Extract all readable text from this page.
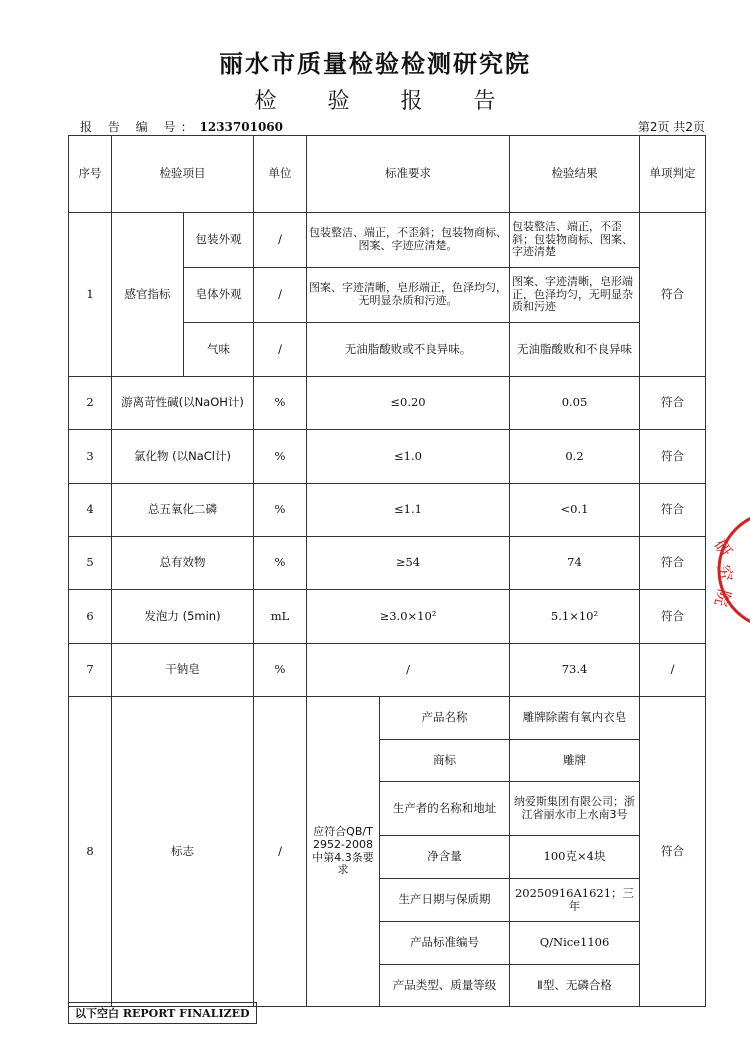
丽水市质量检验检测研究院
检 验 报 告
报 告 编 号: 1233701060	第2页 共2页
序号	检验项目		单位	标准要求		检验结果	单项判定
1	感官指标	包装外观	/	包装整洁、端正，不歪斜；包装物商标、图案、字迹应清楚。		包装整洁、端正，不歪斜；包装物商标、图案、字迹清楚	符合
		皂体外观	/	图案、字迹清晰，皂形端正，色泽均匀，无明显杂质和污迹。		图案、字迹清晰，皂形端正，色泽均匀，无明显杂质和污迹	
		气味	/	无油脂酸败或不良异味。		无油脂酸败和不良异味	
2	游离苛性碱(以NaOH计)		%	≤0.20		0.05	符合
3	氯化物 (以NaCl计)		%	≤1.0		0.2	符合
4	总五氧化二磷		%	≤1.1		<0.1	符合
5	总有效物		%	≥54		74	符合
6	发泡力 (5min)		mL	≥3.0×10²		5.1×10²	符合
7	干钠皂		%	/		73.4	/
8	标志		/	应符合QB/T 2952-2008中第4.3条要求	产品名称	雕牌除菌有氧内衣皂	符合
					商标	雕牌	
					生产者的名称和地址	纳爱斯集团有限公司；浙江省丽水市上水南3号	
					净含量	100克×4块	
					生产日期与保质期	20250916A1621；三年	
					产品标准编号	Q/Nice1106	
					产品类型、质量等级	Ⅱ型、无磷合格	
以下空白 REPORT FINALIZED
研
究
院
